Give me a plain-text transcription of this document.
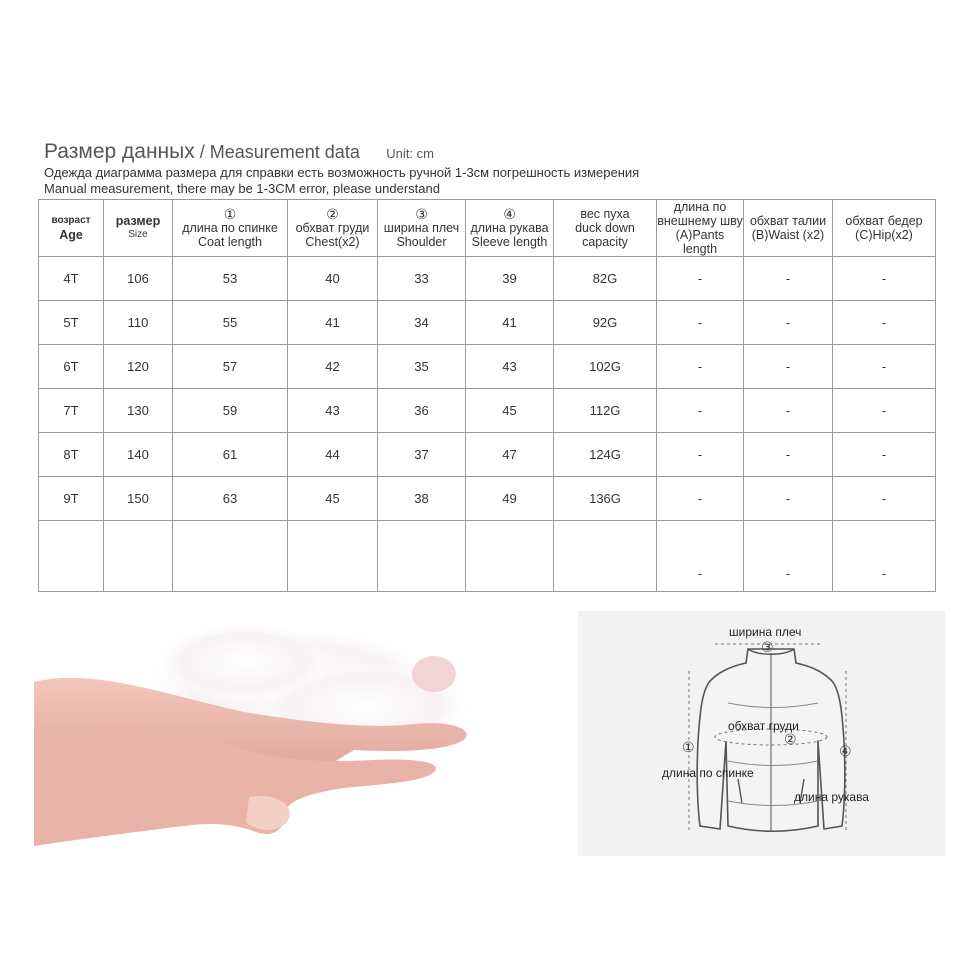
Размер данных / Measurement data Unit: cm
Одежда диаграмма размера для справки есть возможность ручной 1-3см погрешность измерения
Manual measurement, there may be 1-3CM error, please understand
возраст
Age	размер
Size	①
длина по спинке
Coat length	②
обхват груди
Chest(x2)	③
ширина плеч
Shoulder	④
длина рукава
Sleeve length	вес пуха
duck down
capacity	длина по
внешнему шву
(A)Pants length	обхват талии
(B)Waist (x2)	обхват бедер
(C)Hip(x2)

4T	106	53	40	33	39	82G	-	-	-
5T	110	55	41	34	41	92G	-	-	-
6T	120	57	42	35	43	102G	-	-	-
7T	130	59	43	36	45	112G	-	-	-
8T	140	61	44	37	47	124G	-	-	-
9T	150	63	45	38	49	136G	-	-	-
							-	-	-
ширина плеч
③
обхват груди
②
①
длина по спинке
④
длина рукава
